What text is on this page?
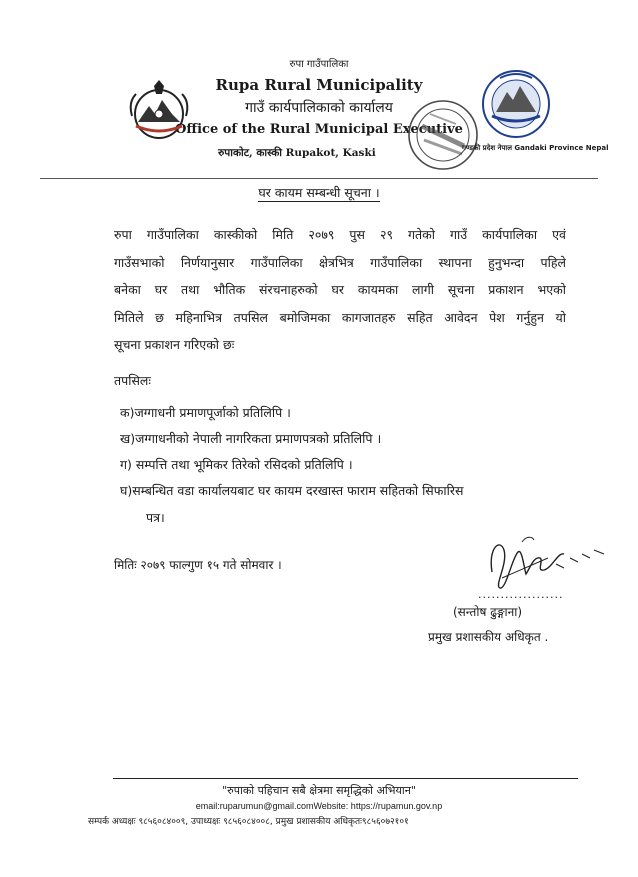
रुपा गाउँपालिका
Rupa Rural Municipality
गाउँ कार्यपालिकाको कार्यालय
Office of the Rural Municipal Executive
रुपाकोट, कास्की Rupakot, Kaski	गण्डकी प्रदेश नेपाल Gandaki Province Nepal
घर कायम सम्बन्धी सूचना ।
रुपा गाउँपालिका कास्कीको मिति २०७९ पुस २९ गतेको गाउँ कार्यपालिका एवं
गाउँसभाको निर्णयानुसार गाउँपालिका क्षेत्रभित्र गाउँपालिका स्थापना हुनुभन्दा पहिले
बनेका घर तथा भौतिक संरचनाहरुको घर कायमका लागी सूचना प्रकाशन भएको
मितिले छ महिनाभित्र तपसिल बमोजिमका कागजातहरु सहित आवेदन पेश गर्नुहुन यो
सूचना प्रकाशन गरिएको छः
तपसिलः
क)जग्गाधनी प्रमाणपूर्जाको प्रतिलिपि ।
ख)जग्गाधनीको नेपाली नागरिकता प्रमाणपत्रको प्रतिलिपि ।
ग) सम्पत्ति तथा भूमिकर तिरेको रसिदको प्रतिलिपि ।
घ)सम्बन्धित वडा कार्यालयबाट घर कायम दरखास्त फाराम सहितको सिफारिस
पत्र।
मितिः २०७९ फाल्गुण १५ गते सोमवार ।
...................
(सन्तोष ढुङ्गाना)
प्रमुख प्रशासकीय अधिकृत .
"रुपाको पहिचान सबै क्षेत्रमा समृद्धिको अभियान"
email:ruparumun@gmail.comWebsite: https://rupamun.gov.np
सम्पर्क अध्यक्षः ९८५६०८४००९, उपाध्यक्षः ९८५६०८४००८, प्रमुख प्रशासकीय अधिकृतः९८५६०७२१०१
